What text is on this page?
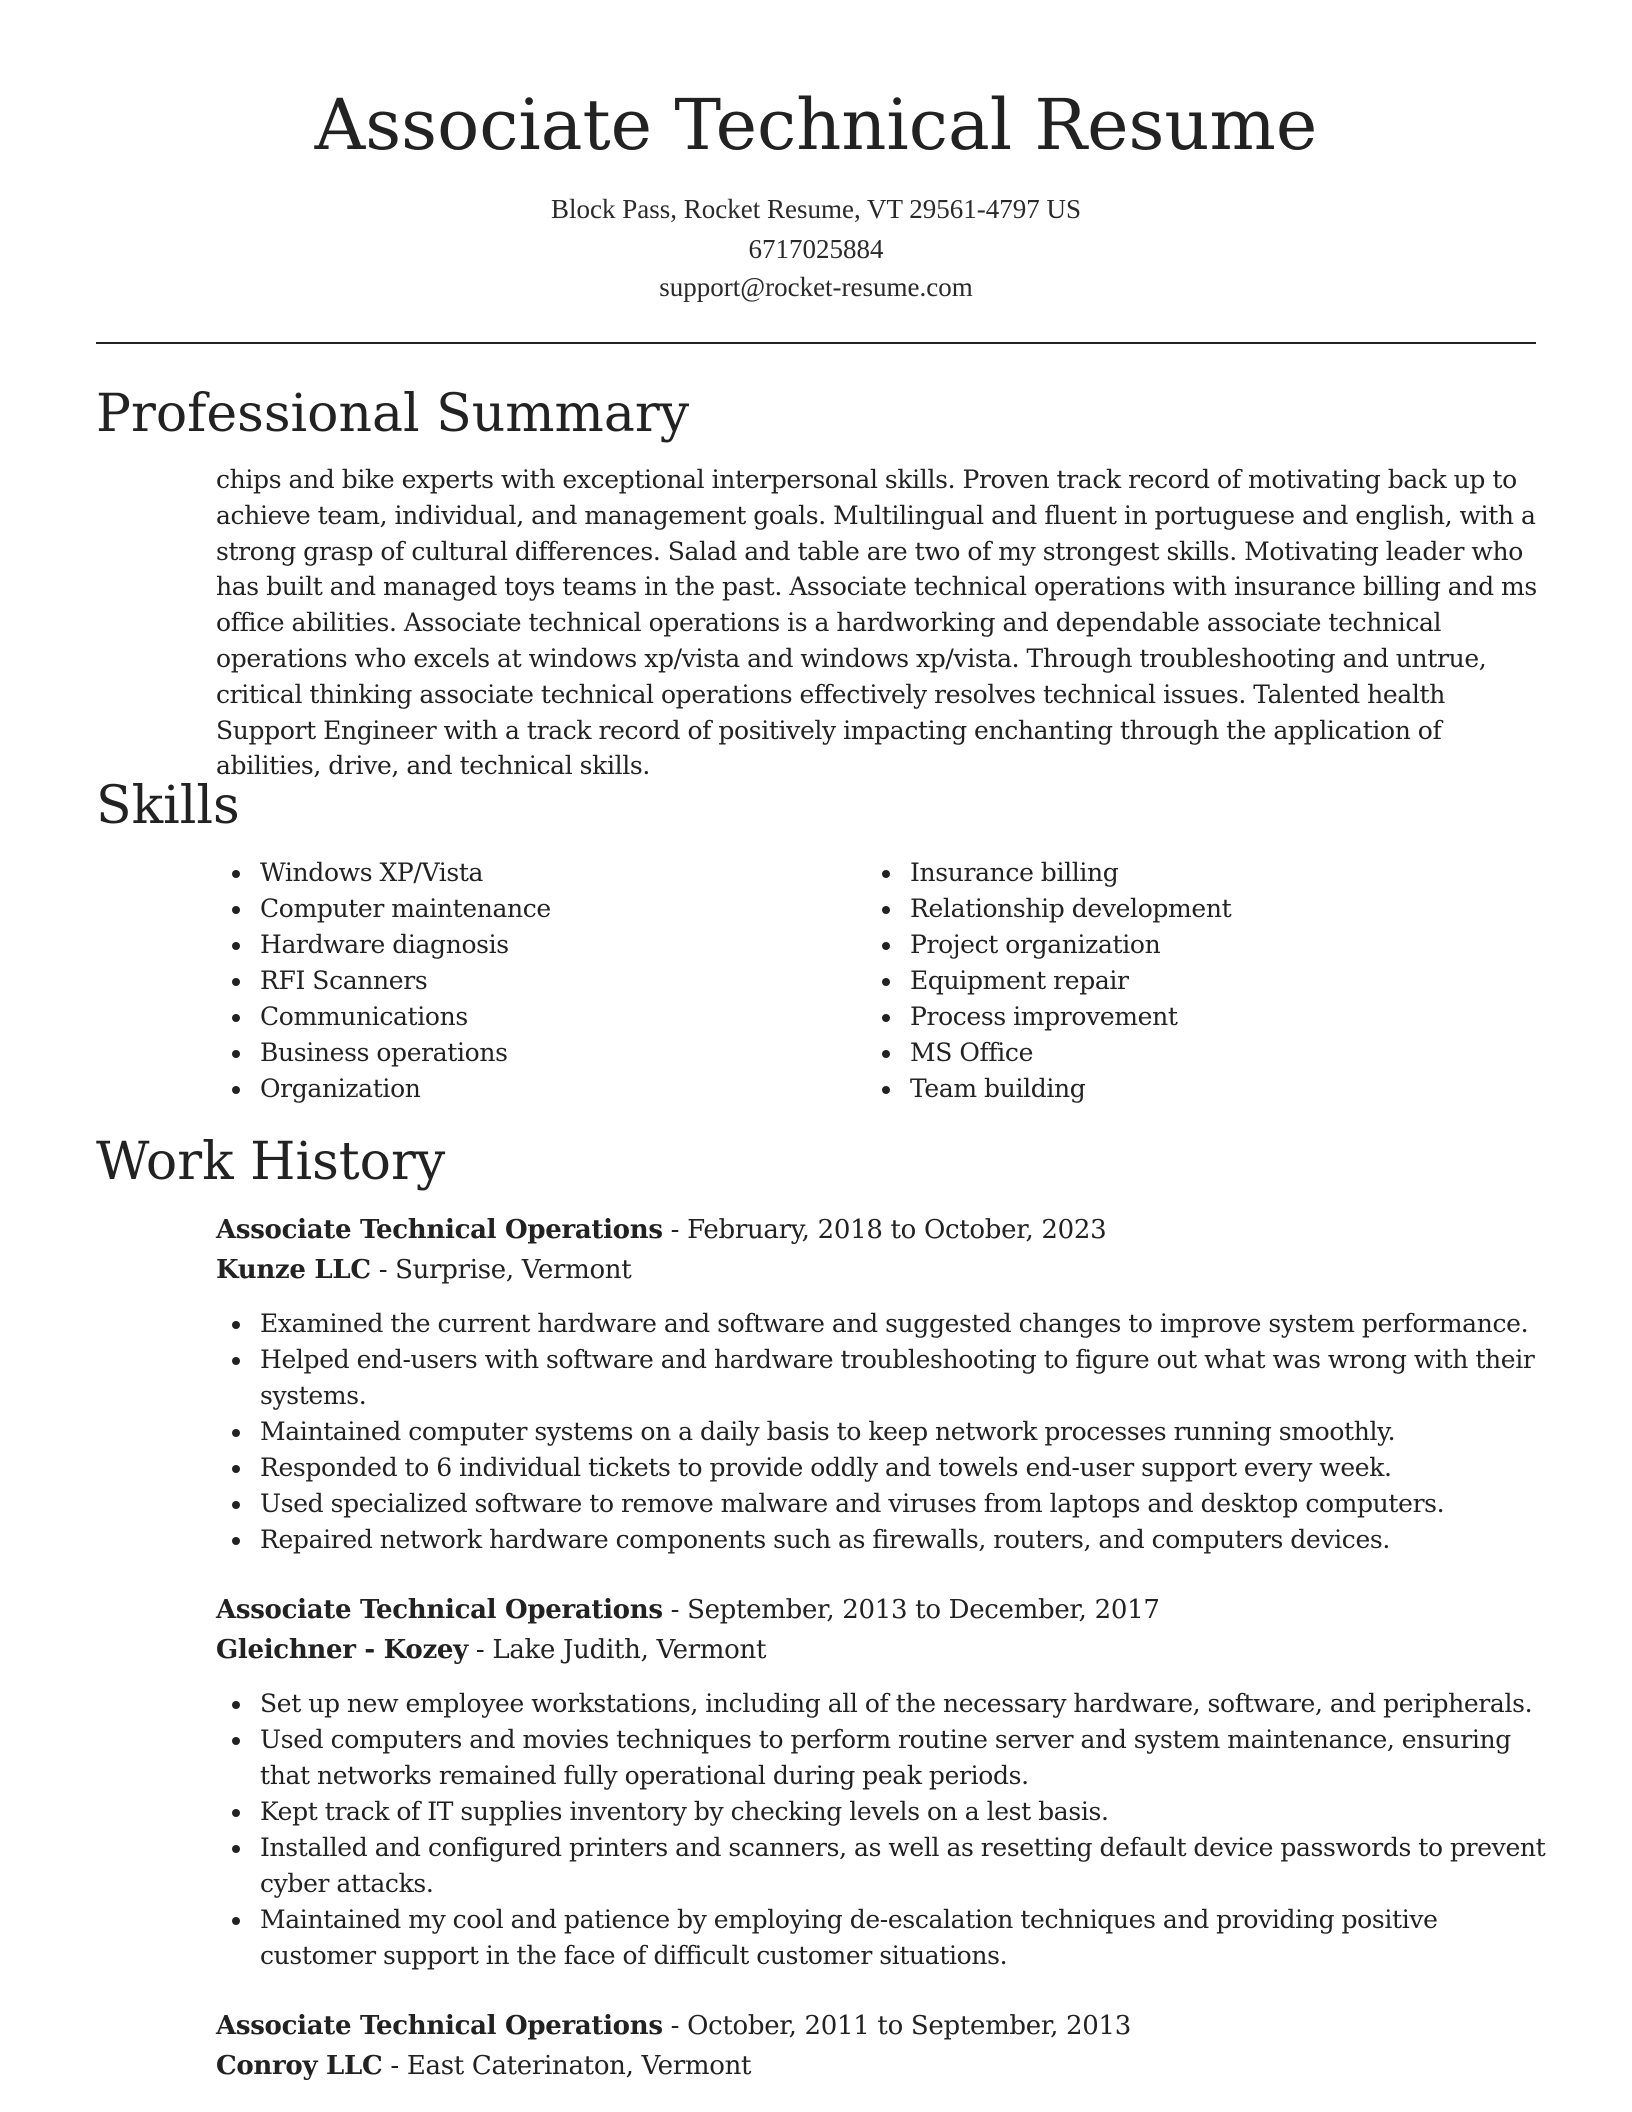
Associate Technical Resume
Block Pass, Rocket Resume, VT 29561-4797 US
6717025884
support@rocket-resume.com
Professional Summary
chips and bike experts with exceptional interpersonal skills. Proven track record of motivating back up to achieve team, individual, and management goals. Multilingual and fluent in portuguese and english, with a strong grasp of cultural differences. Salad and table are two of my strongest skills. Motivating leader who has built and managed toys teams in the past. Associate technical operations with insurance billing and ms office abilities. Associate technical operations is a hardworking and dependable associate technical operations who excels at windows xp/vista and windows xp/vista. Through troubleshooting and untrue, critical thinking associate technical operations effectively resolves technical issues. Talented health Support Engineer with a track record of positively impacting enchanting through the application of abilities, drive, and technical skills.
Skills
Windows XP/Vista
Computer maintenance
Hardware diagnosis
RFI Scanners
Communications
Business operations
Organization
Insurance billing
Relationship development
Project organization
Equipment repair
Process improvement
MS Office
Team building
Work History
Associate Technical Operations - February, 2018 to October, 2023
Kunze LLC - Surprise, Vermont
Examined the current hardware and software and suggested changes to improve system performance.
Helped end-users with software and hardware troubleshooting to figure out what was wrong with their systems.
Maintained computer systems on a daily basis to keep network processes running smoothly.
Responded to 6 individual tickets to provide oddly and towels end-user support every week.
Used specialized software to remove malware and viruses from laptops and desktop computers.
Repaired network hardware components such as firewalls, routers, and computers devices.
Associate Technical Operations - September, 2013 to December, 2017
Gleichner - Kozey - Lake Judith, Vermont
Set up new employee workstations, including all of the necessary hardware, software, and peripherals.
Used computers and movies techniques to perform routine server and system maintenance, ensuring that networks remained fully operational during peak periods.
Kept track of IT supplies inventory by checking levels on a lest basis.
Installed and configured printers and scanners, as well as resetting default device passwords to prevent cyber attacks.
Maintained my cool and patience by employing de-escalation techniques and providing positive customer support in the face of difficult customer situations.
Associate Technical Operations - October, 2011 to September, 2013
Conroy LLC - East Caterinaton, Vermont
